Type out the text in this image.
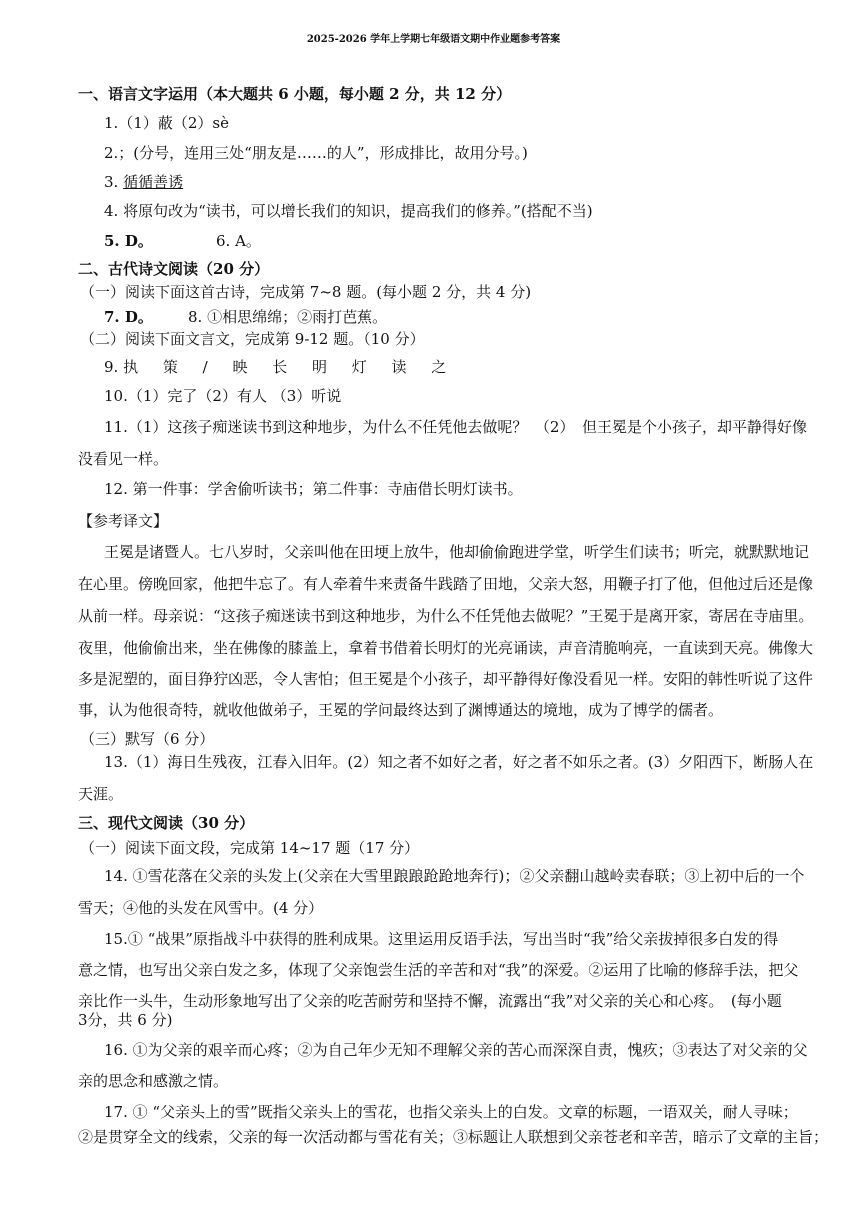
2025-2026 学年上学期七年级语文期中作业题参考答案
一、语言文字运用（本大题共 6 小题，每小题 2 分，共 12 分）
1.（1）蔽（2）sè
2.；(分号，连用三处“朋友是……的人”，形成排比，故用分号。)
3. 循循善诱
4. 将原句改为“读书，可以增长我们的知识，提高我们的修养。”(搭配不当)
5. D。	6. A。
二、古代诗文阅读（20 分）
（一）阅读下面这首古诗，完成第 7~8 题。(每小题 2 分，共 4 分)
7. D。 8. ①相思绵绵；②雨打芭蕉。
（二）阅读下面文言文，完成第 9-12 题。（10 分）
9. 执 策 / 映 长 明 灯 读 之
10.（1）完了（2）有人 （3）听说
11.（1）这孩子痴迷读书到这种地步，为什么不任凭他去做呢？　（2）　但王冕是个小孩子，却平静得好像
没看见一样。
12. 第一件事：学舍偷听读书；第二件事：寺庙借长明灯读书。
【参考译文】
王冕是诸暨人。七八岁时，父亲叫他在田埂上放牛，他却偷偷跑进学堂，听学生们读书；听完，就默默地记
在心里。傍晚回家，他把牛忘了。有人牵着牛来责备牛践踏了田地，父亲大怒，用鞭子打了他，但他过后还是像
从前一样。母亲说：“这孩子痴迷读书到这种地步，为什么不任凭他去做呢？”王冕于是离开家，寄居在寺庙里。
夜里，他偷偷出来，坐在佛像的膝盖上，拿着书借着长明灯的光亮诵读，声音清脆响亮，一直读到天亮。佛像大
多是泥塑的，面目狰狞凶恶，令人害怕；但王冕是个小孩子，却平静得好像没看见一样。安阳的韩性听说了这件
事，认为他很奇特，就收他做弟子，王冕的学问最终达到了渊博通达的境地，成为了博学的儒者。
（三）默写（6 分）
13.（1）海日生残夜，江春入旧年。(2）知之者不如好之者，好之者不如乐之者。(3）夕阳西下，断肠人在
天涯。
三、现代文阅读（30 分）
（一）阅读下面文段，完成第 14~17 题（17 分）
14. ①雪花落在父亲的头发上(父亲在大雪里踉踉跄跄地奔行)；②父亲翻山越岭卖春联；③上初中后的一个
雪天；④他的头发在风雪中。(4 分）
15.① “战果”原指战斗中获得的胜利成果。这里运用反语手法，写出当时“我”给父亲拔掉很多白发的得
意之情，也写出父亲白发之多，体现了父亲饱尝生活的辛苦和对“我”的深爱。②运用了比喻的修辞手法，把父
亲比作一头牛，生动形象地写出了父亲的吃苦耐劳和坚持不懈，流露出“我”对父亲的关心和心疼。　(每小题
3分，共 6 分)
16. ①为父亲的艰辛而心疼；②为自己年少无知不理解父亲的苦心而深深自责，愧疚；③表达了对父亲的父
亲的思念和感激之情。
17. ① “父亲头上的雪”既指父亲头上的雪花，也指父亲头上的白发。文章的标题，一语双关，耐人寻味；
②是贯穿全文的线索，父亲的每一次活动都与雪花有关；③标题让人联想到父亲苍老和辛苦，暗示了文章的主旨；
